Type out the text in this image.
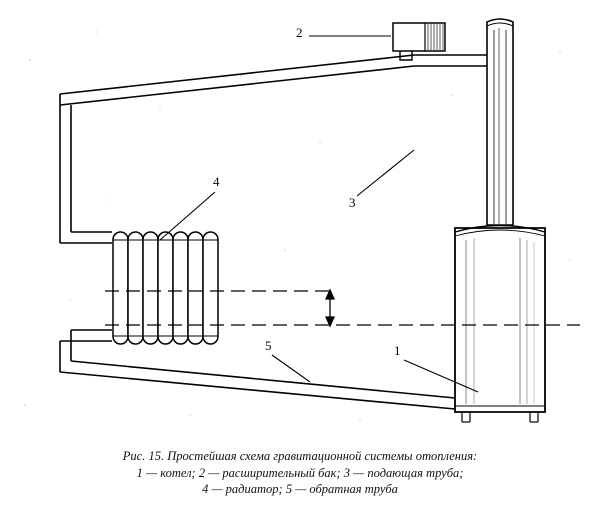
1
2
3
4
5
Рис. 15. Простейшая схема гравитационной системы отопления:
1 — котел; 2 — расширительный бак; 3 — подающая труба;
4 — радиатор; 5 — обратная труба
